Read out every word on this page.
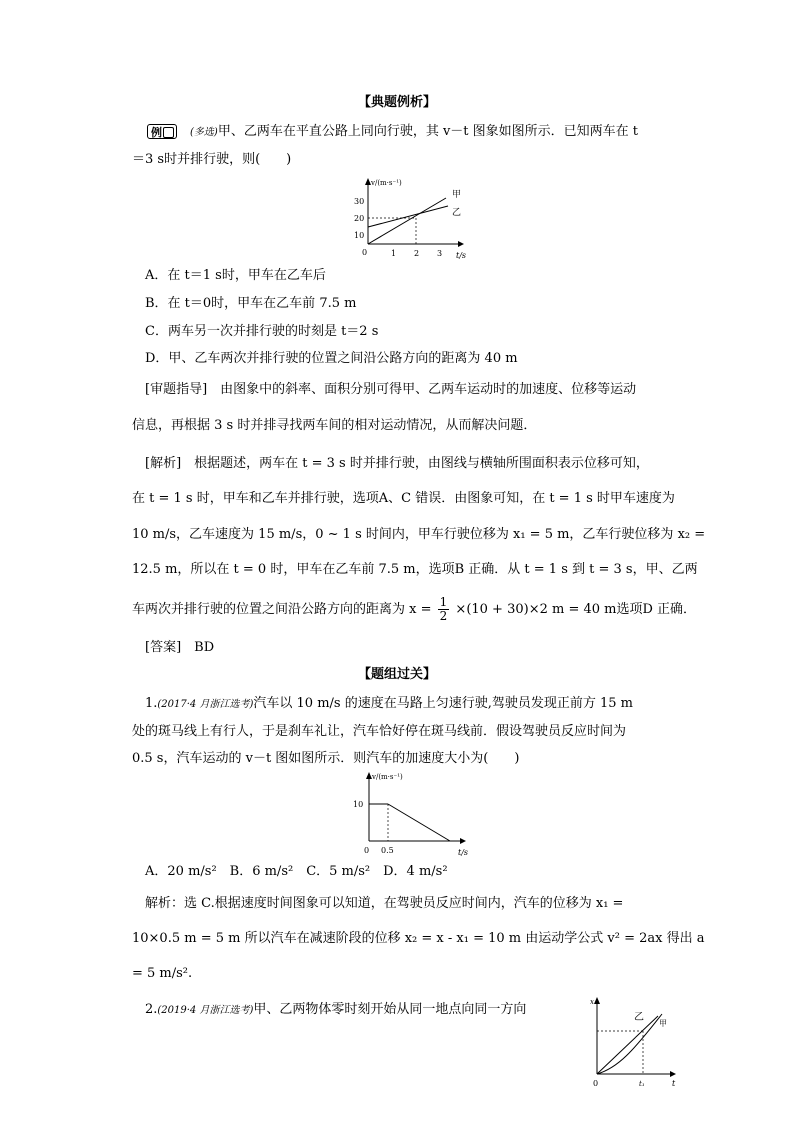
【典题例析】
例	(多选)甲、乙两车在平直公路上同向行驶，其 v－t 图象如图所示．已知两车在 t
＝3 s时并排行驶，则(　　)
v/(m·s⁻¹)
t/s
0
10
20
30
1 2 3
甲
乙
A．在 t＝1 s时，甲车在乙车后
B．在 t＝0时，甲车在乙车前 7.5 m
C．两车另一次并排行驶的时刻是 t＝2 s
D．甲、乙车两次并排行驶的位置之间沿公路方向的距离为 40 m
[审题指导]　由图象中的斜率、面积分别可得甲、乙两车运动时的加速度、位移等运动
信息，再根据 3 s 时并排寻找两车间的相对运动情况，从而解决问题．
[解析]　根据题述，两车在 t = 3 s 时并排行驶，由图线与横轴所围面积表示位移可知，
在 t = 1 s 时，甲车和乙车并排行驶，选项A、C 错误．由图象可知，在 t = 1 s 时甲车速度为
10 m/s，乙车速度为 15 m/s，0 ~ 1 s 时间内，甲车行驶位移为 x₁ = 5 m，乙车行驶位移为 x₂ =
12.5 m，所以在 t = 0 时，甲车在乙车前 7.5 m，选项B 正确．从 t = 1 s 到 t = 3 s，甲、乙两
车两次并排行驶的位置之间沿公路方向的距离为 $x = \frac{1}{2} \times(10 + 30)\times 2$ m = 40 m选项D 正确．
[答案]　BD
【题组过关】
1.(2017·4 月浙江选考)汽车以 10 m/s 的速度在马路上匀速行驶,驾驶员发现正前方 15 m
处的斑马线上有行人，于是刹车礼让，汽车恰好停在斑马线前．假设驾驶员反应时间为
0.5 s，汽车运动的 v－t 图如图所示．则汽车的加速度大小为(　　)
v/(m·s⁻¹)
t/s
0
10
0.5
A．20 m/s²　B．6 m/s²　C．5 m/s²　D．4 m/s²
解析：选 C.根据速度时间图象可以知道，在驾驶员反应时间内，汽车的位移为 x₁ =
10×0.5 m = 5 m 所以汽车在减速阶段的位移 x₂ = x - x₁ = 10 m 由运动学公式 v² = 2ax 得出 a
= 5 m/s².
2.(2019·4 月浙江选考)甲、乙两物体零时刻开始从同一地点向同一方向	x
t
0	t₁
乙
甲
